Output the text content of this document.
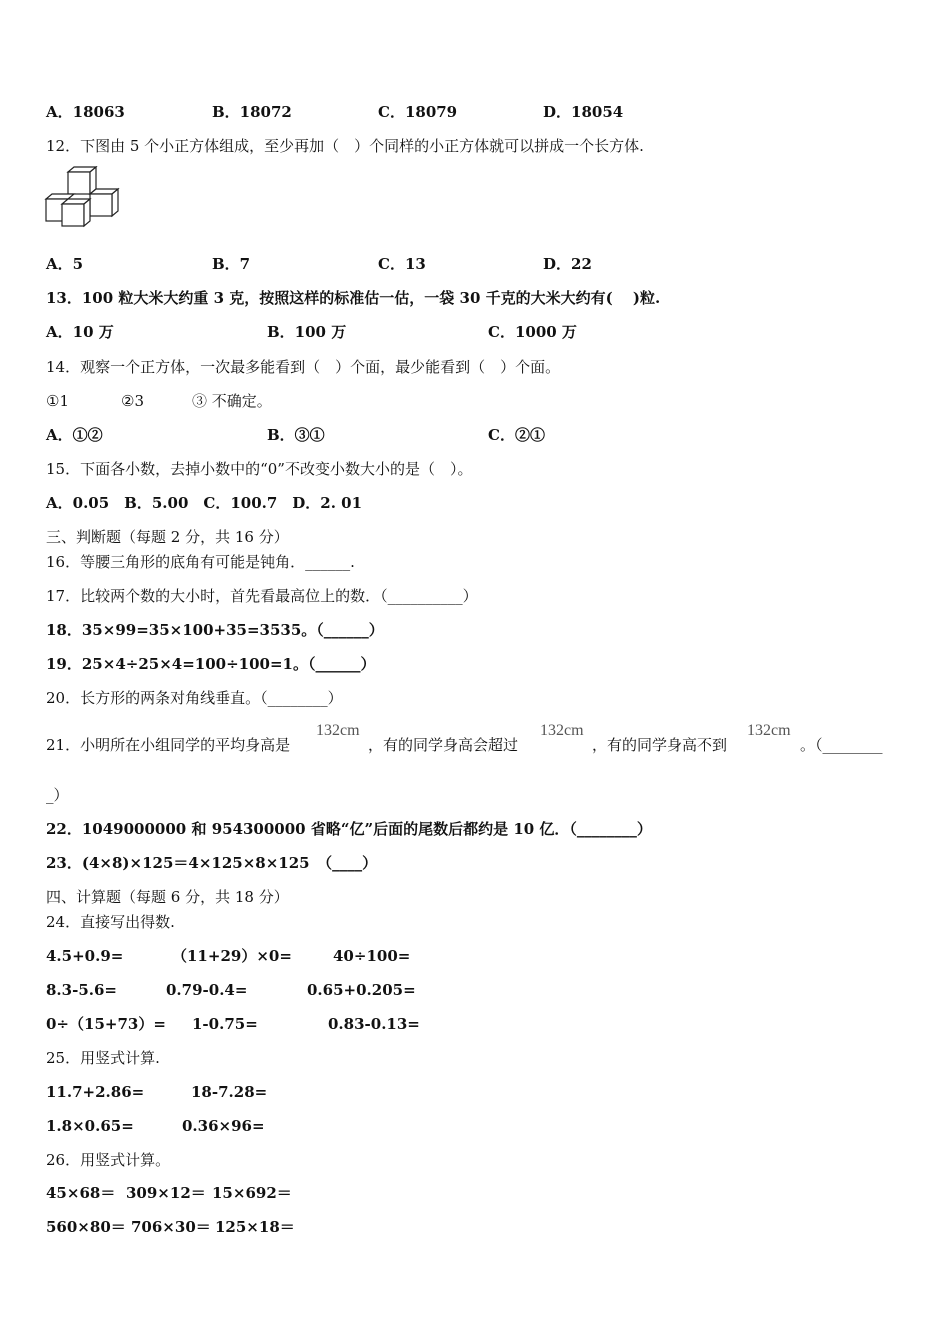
A．18063	B．18072	C．18079	D．18054
12．下图由 5 个小正方体组成，至少再加（　）个同样的小正方体就可以拼成一个长方体.
A．5	B．7	C．13	D．22
13．100 粒大米大约重 3 克，按照这样的标准估一估，一袋 30 千克的大米大约有(　 )粒.
A．10 万	B．100 万	C．1000 万
14．观察一个正方体，一次最多能看到（　）个面，最少能看到（　）个面。
①1	②3	③ 不确定。
A．①②	B．③①	C．②①
15．下面各小数，去掉小数中的“0”不改变小数大小的是（　）。
A．0.05　B．5.00　C．100.7　D．2. 01
三、判断题（每题 2 分，共 16 分）
16．等腰三角形的底角有可能是钝角．______.
17．比较两个数的大小时，首先看最高位上的数．（__________）
18．35×99=35×100+35=3535。（______）
19．25×4÷25×4=100÷100=1。（______）
20．长方形的两条对角线垂直。（________）
21．小明所在小组同学的平均身高是
132cm
，有的同学身高会超过
132cm
，有的同学身高不到
132cm
。（________
_）
22．1049000000 和 954300000 省略“亿”后面的尾数后都约是 10 亿．（________）
23．(4×8)×125＝4×125×8×125　（____）
四、计算题（每题 6 分，共 18 分）
24．直接写出得数.
4.5+0.9=	（11+29）×0=	40÷100=
8.3-5.6=	0.79-0.4=	0.65+0.205=
0÷（15+73）= 1-0.75=	0.83-0.13=
25．用竖式计算.
11.7+2.86=	18-7.28=
1.8×0.65=	0.36×96=
26．用竖式计算。
45×68＝ 309×12＝ 15×692＝
560×80＝ 706×30＝ 125×18＝
